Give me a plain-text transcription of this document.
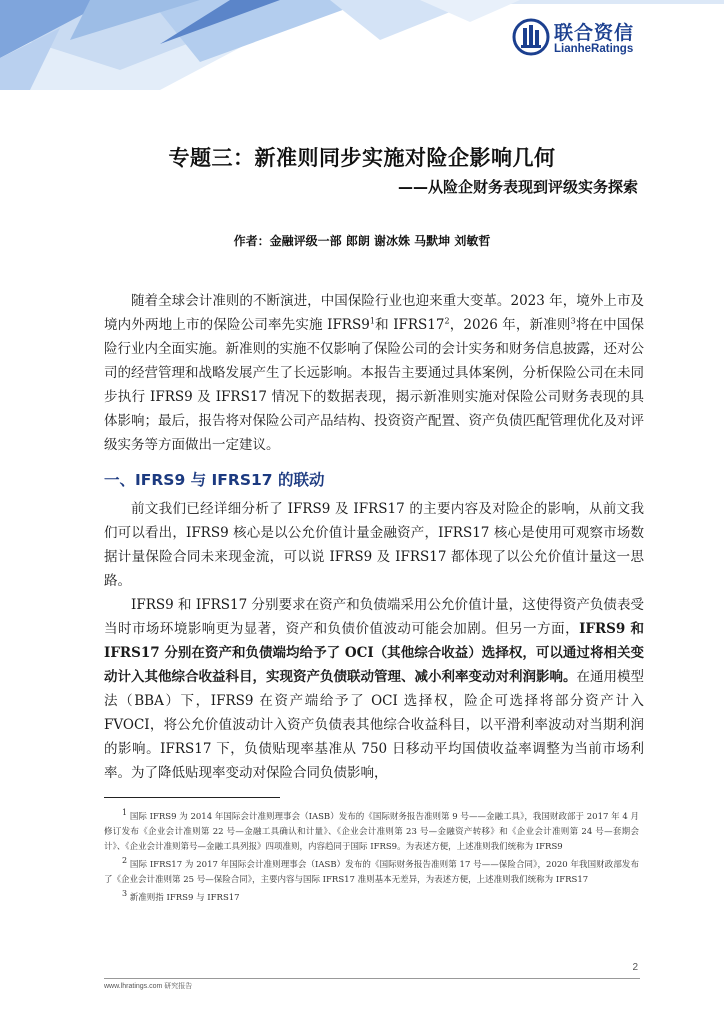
联合资信
LianheRatings
专题三：新准则同步实施对险企影响几何
——从险企财务表现到评级实务探索
作者：金融评级一部 郎朗 谢冰姝 马默坤 刘敏哲

随着全球会计准则的不断演进，中国保险行业也迎来重大变革。2023 年，境外上市及境内外两地上市的保险公司率先实施 $IFRS9^1$和 $IFRS17^2$，2026 年，新准则$^3$将在中国保险行业内全面实施。新准则的实施不仅影响了保险公司的会计实务和财务信息披露，还对公司的经营管理和战略发展产生了长远影响。本报告主要通过具体案例，分析保险公司在未同步执行 IFRS9 及 IFRS17 情况下的数据表现，揭示新准则实施对保险公司财务表现的具体影响；最后，报告将对保险公司产品结构、投资资产配置、资产负债匹配管理优化及对评级实务等方面做出一定建议。

一、IFRS9 与 IFRS17 的联动

前文我们已经详细分析了 IFRS9 及 IFRS17 的主要内容及对险企的影响，从前文我们可以看出，IFRS9 核心是以公允价值计量金融资产，IFRS17 核心是使用可观察市场数据计量保险合同未来现金流，可以说 IFRS9 及 IFRS17 都体现了以公允价值计量这一思路。

IFRS9 和 IFRS17 分别要求在资产和负债端采用公允价值计量，这使得资产负债表受当时市场环境影响更为显著，资产和负债价值波动可能会加剧。但另一方面，IFRS9 和 IFRS17 分别在资产和负债端均给予了 OCI（其他综合收益）选择权，可以通过将相关变动计入其他综合收益科目，实现资产负债联动管理、减小利率变动对利润影响。在通用模型法（BBA）下，IFRS9 在资产端给予了 OCI 选择权，险企可选择将部分资产计入 FVOCI，将公允价值波动计入资产负债表其他综合收益科目，以平滑利率波动对当期利润的影响。IFRS17 下，负债贴现率基准从 750 日移动平均国债收益率调整为当前市场利率。为了降低贴现率变动对保险合同负债影响，

$^1$ 国际 IFRS9 为 2014 年国际会计准则理事会（IASB）发布的《国际财务报告准则第 9 号——金融工具》，我国财政部于 2017 年 4 月修订发布《企业会计准则第 22 号—金融工具确认和计量》、《企业会计准则第 23 号—金融资产转移》和《企业会计准则第 24 号—套期会计》、《企业会计准则第号—金融工具列报》四项准则，内容趋同于国际 IFRS9。为表述方便，上述准则我们统称为 IFRS9

$^2$ 国际 IFRS17 为 2017 年国际会计准则理事会（IASB）发布的《国际财务报告准则第 17 号——保险合同》，2020 年我国财政部发布了《企业会计准则第 25 号—保险合同》，主要内容与国际 IFRS17 准则基本无差异，为表述方便，上述准则我们统称为 IFRS17

$^3$ 新准则指 IFRS9 与 IFRS17

2
www.lhratings.com 研究报告
